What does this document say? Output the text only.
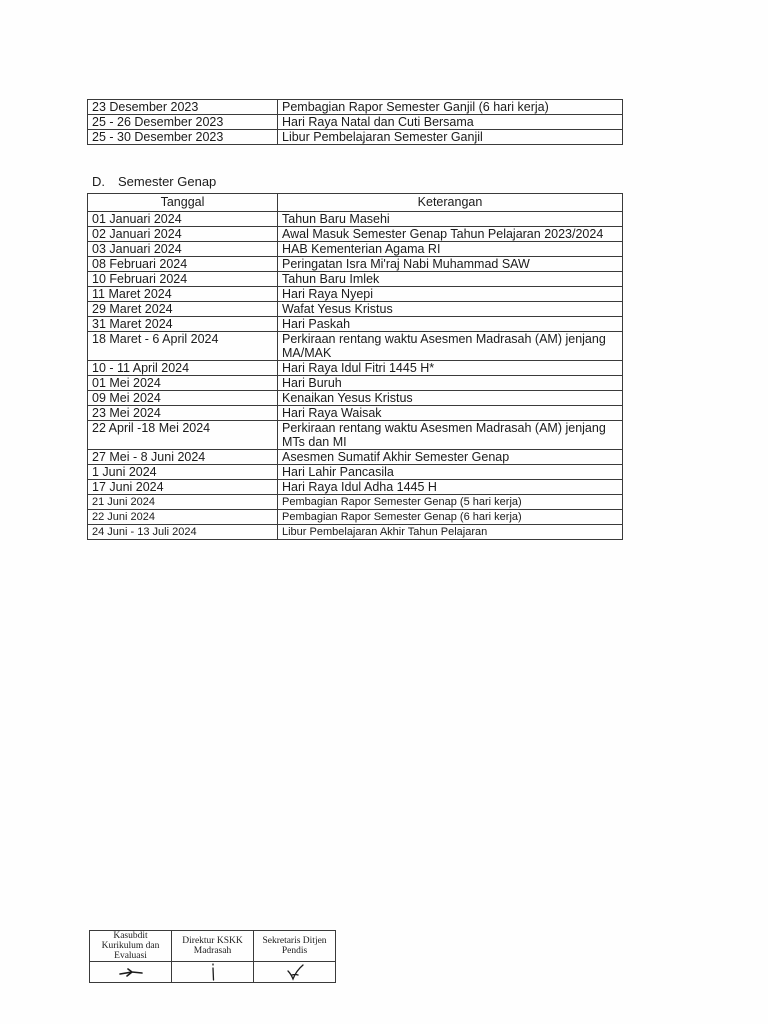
23 Desember 2023	Pembagian Rapor Semester Ganjil (6 hari kerja)
25 - 26 Desember 2023	Hari Raya Natal dan Cuti Bersama
25 - 30 Desember 2023	Libur Pembelajaran Semester Ganjil
D. Semester Genap
Tanggal	Keterangan
01 Januari 2024	Tahun Baru Masehi
02 Januari 2024	Awal Masuk Semester Genap Tahun Pelajaran 2023/2024
03 Januari 2024	HAB Kementerian Agama RI
08 Februari 2024	Peringatan Isra Mi'raj Nabi Muhammad SAW
10 Februari 2024	Tahun Baru Imlek
11 Maret 2024	Hari Raya Nyepi
29 Maret 2024	Wafat Yesus Kristus
31 Maret 2024	Hari Paskah
18 Maret - 6 April 2024	Perkiraan rentang waktu Asesmen Madrasah (AM) jenjang MA/MAK
10 - 11 April 2024	Hari Raya Idul Fitri 1445 H*
01 Mei 2024	Hari Buruh
09 Mei 2024	Kenaikan Yesus Kristus
23 Mei 2024	Hari Raya Waisak
22 April -18 Mei 2024	Perkiraan rentang waktu Asesmen Madrasah (AM) jenjang MTs dan MI
27 Mei - 8 Juni 2024	Asesmen Sumatif Akhir Semester Genap
1 Juni 2024	Hari Lahir Pancasila
17 Juni 2024	Hari Raya Idul Adha 1445 H
21 Juni 2024	Pembagian Rapor Semester Genap (5 hari kerja)
22 Juni 2024	Pembagian Rapor Semester Genap (6 hari kerja)
24 Juni - 13 Juli 2024	Libur Pembelajaran Akhir Tahun Pelajaran
Kasubdit Kurikulum dan Evaluasi	Direktur KSKK Madrasah	Sekretaris Ditjen Pendis
